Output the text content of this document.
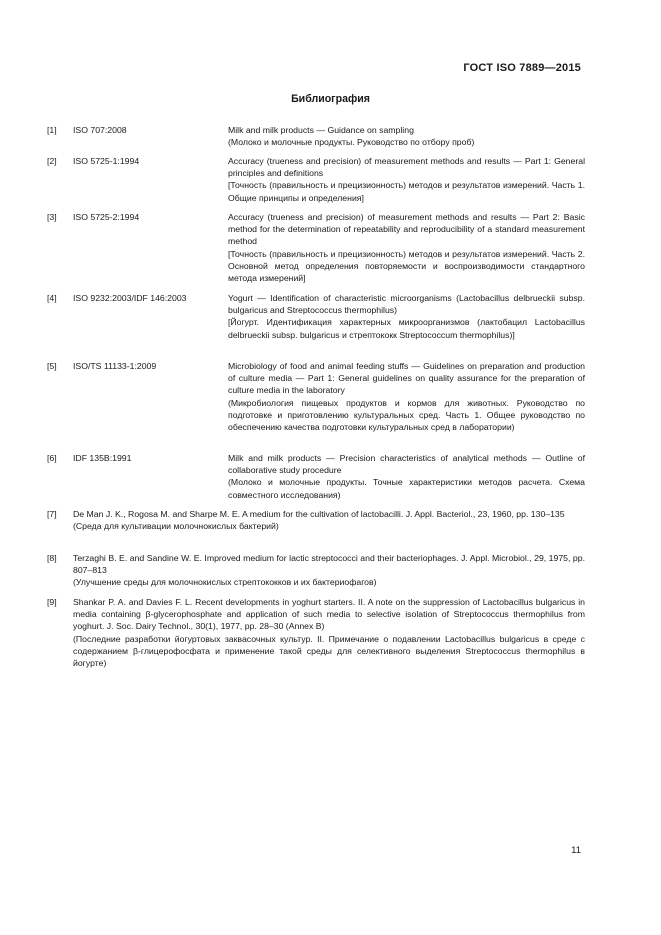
ГОСТ ISO 7889—2015
Библиография
[1] ISO 707:2008	Milk and milk products — Guidance on sampling
(Молоко и молочные продукты. Руководство по отбору проб)
[2] ISO 5725-1:1994	Accuracy (trueness and precision) of measurement methods and results — Part 1: General principles and definitions
[Точность (правильность и прецизионность) методов и результатов измерений. Часть 1. Общие принципы и определения]
[3] ISO 5725-2:1994	Accuracy (trueness and precision) of measurement methods and results — Part 2: Basic method for the determination of repeatability and reproducibility of a standard measurement method
[Точность (правильность и прецизионность) методов и результатов измерений. Часть 2. Основной метод определения повторяемости и воспроизводимости стандартного метода измерений]
[4] ISO 9232:2003/IDF 146:2003	Yogurt — Identification of characteristic microorganisms (Lactobacillus delbrueckii subsp. bulgaricus and Streptococcus thermophilus)
[Йогурт. Идентификация характерных микроорганизмов (лактобацил Lactobacillus delbrueckii subsp. bulgaricus и стрептококк Streptococcum thermophilus)]
[5] ISO/TS 11133-1:2009	Microbiology of food and animal feeding stuffs — Guidelines on preparation and production of culture media — Part 1: General guidelines on quality assurance for the preparation of culture media in the laboratory
(Микробиология пищевых продуктов и кормов для животных. Руководство по подготовке и приготовлению культуральных сред. Часть 1. Общее руководство по обеспечению качества подготовки культуральных сред в лаборатории)
[6] IDF 135B:1991	Milk and milk products — Precision characteristics of analytical methods — Outline of collaborative study procedure
(Молоко и молочные продукты. Точные характеристики методов расчета. Схема совместного исследования)
[7] De Man J. K., Rogosa M. and Sharpe M. E. A medium for the cultivation of lactobacilli. J. Appl. Bacteriol., 23, 1960, pp. 130–135
(Среда для культивации молочнокислых бактерий)
[8] Terzaghi B. E. and Sandine W. E. Improved medium for lactic streptococci and their bacteriophages. J. Appl. Microbiol., 29, 1975, pp. 807–813
(Улучшение среды для молочнокислых стрептококков и их бактериофагов)
[9] Shankar P. A. and Davies F. L. Recent developments in yoghurt starters. II. A note on the suppression of Lactobacillus bulgaricus in media containing β-glycerophosphate and application of such media to selective isolation of Streptococcus thermophilus from yoghurt. J. Soc. Dairy Technol., 30(1), 1977, pp. 28–30 (Annex B)
(Последние разработки йогуртовых заквасочных культур. II. Примечание о подавлении Lactobacillus bulgaricus в среде с содержанием β-глицерофосфата и применение такой среды для селективного выделения Streptococcus thermophilus в йогурте)
11
